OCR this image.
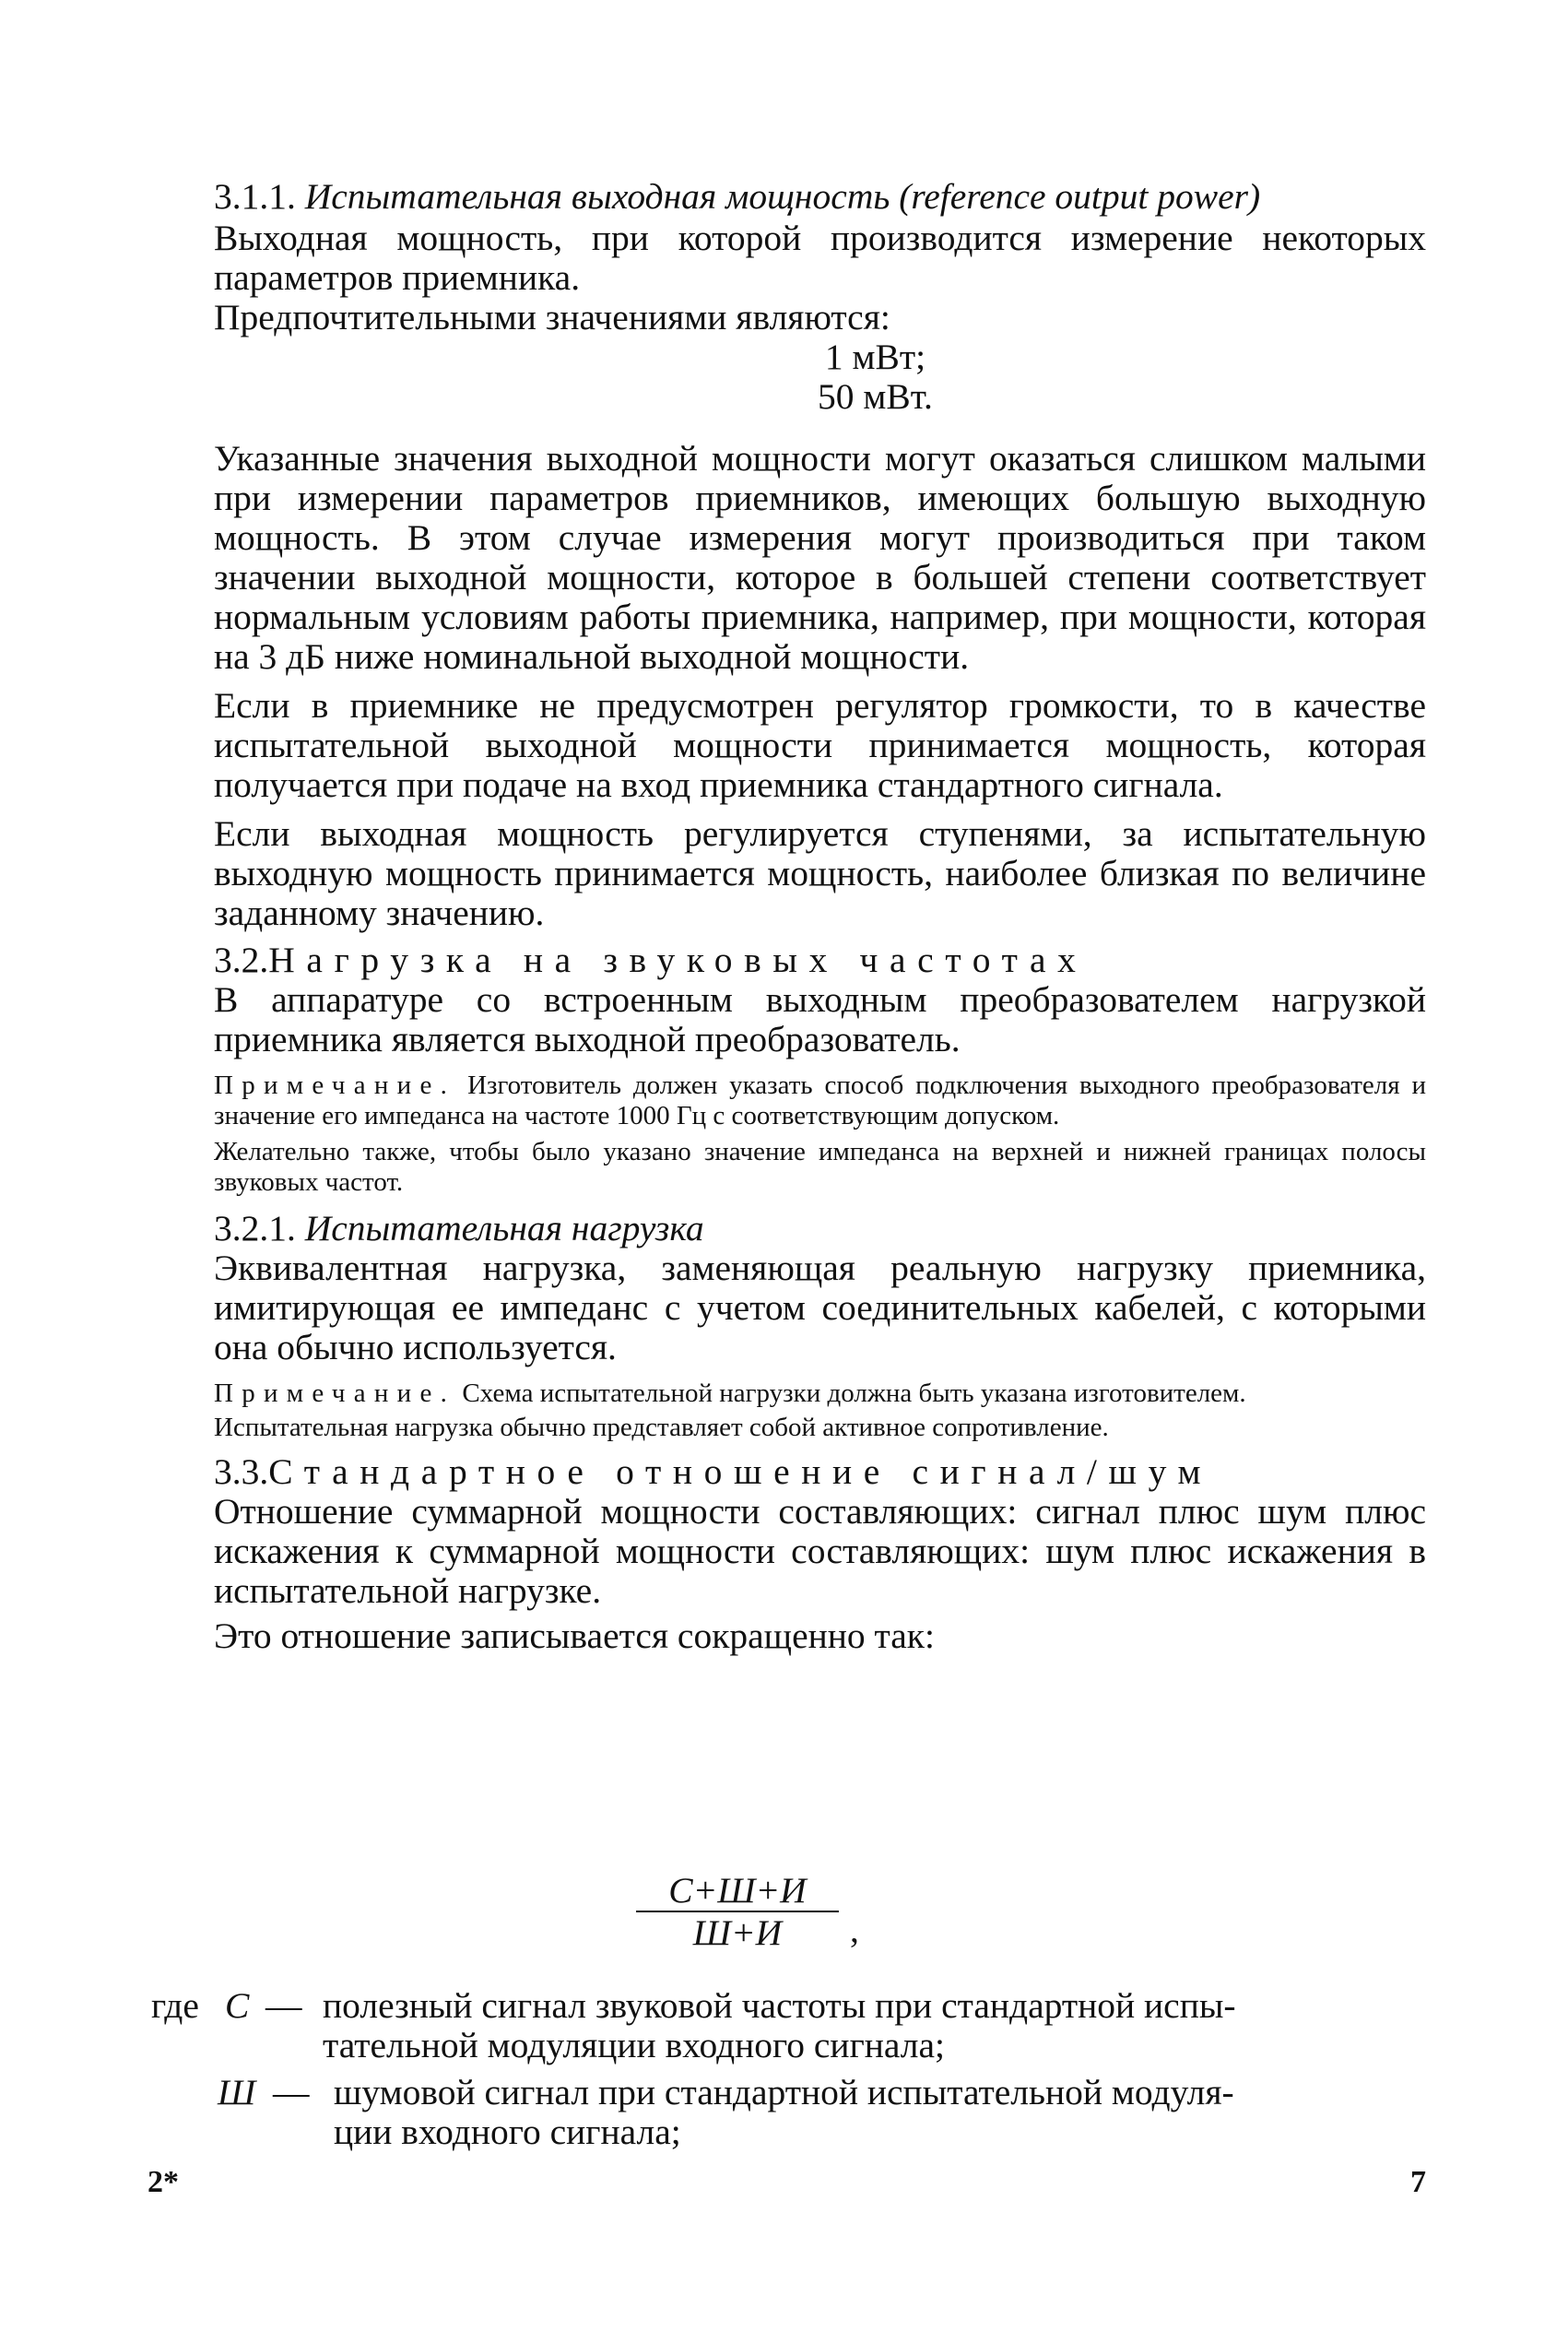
3.1.1. Испытательная выходная мощность (reference output power)

Выходная мощность, при которой производится измерение некоторых параметров приемника.

Предпочтительными значениями являются:

1 мВт;

50 мВт.

Указанные значения выходной мощности могут оказаться слишком малыми при измерении параметров приемников, имеющих большую выходную мощность. В этом случае измерения могут производиться при таком значении выходной мощности, которое в большей степени соответствует нормальным условиям работы приемника, например, при мощности, которая на 3 дБ ниже номинальной выходной мощности.

Если в приемнике не предусмотрен регулятор громкости, то в качестве испытательной выходной мощности принимается мощность, которая получается при подаче на вход приемника стандартного сигнала.

Если выходная мощность регулируется ступенями, за испытательную выходную мощность принимается мощность, наиболее близкая по величине заданному значению.

3.2.Нагрузка на звуковых частотах

В аппаратуре со встроенным выходным преобразователем нагрузкой приемника является выходной преобразователь.

Примечание. Изготовитель должен указать способ подключения выходного преобразователя и значение его импеданса на частоте 1000 Гц с соответствующим допуском.

Желательно также, чтобы было указано значение импеданса на верхней и нижней границах полосы звуковых частот.

3.2.1. Испытательная нагрузка

Эквивалентная нагрузка, заменяющая реальную нагрузку приемника, имитирующая ее импеданс с учетом соединительных кабелей, с которыми она обычно используется.

Примечание. Схема испытательной нагрузки должна быть указана изготовителем.

Испытательная нагрузка обычно представляет собой активное сопротивление.

3.3.Стандартное отношение сигнал/шум

Отношение суммарной мощности составляющих: сигнал плюс шум плюс искажения к суммарной мощности составляющих: шум плюс искажения в испытательной нагрузке.

Это отношение записывается сокращенно так:

С+Ш+И
Ш+И	,
где С — полезный сигнал звуковой частоты при стандартной испы-
тательной модуляции входного сигнала;
Ш — шумовой сигнал при стандартной испытательной модуля-
ции входного сигнала;
2*	7
